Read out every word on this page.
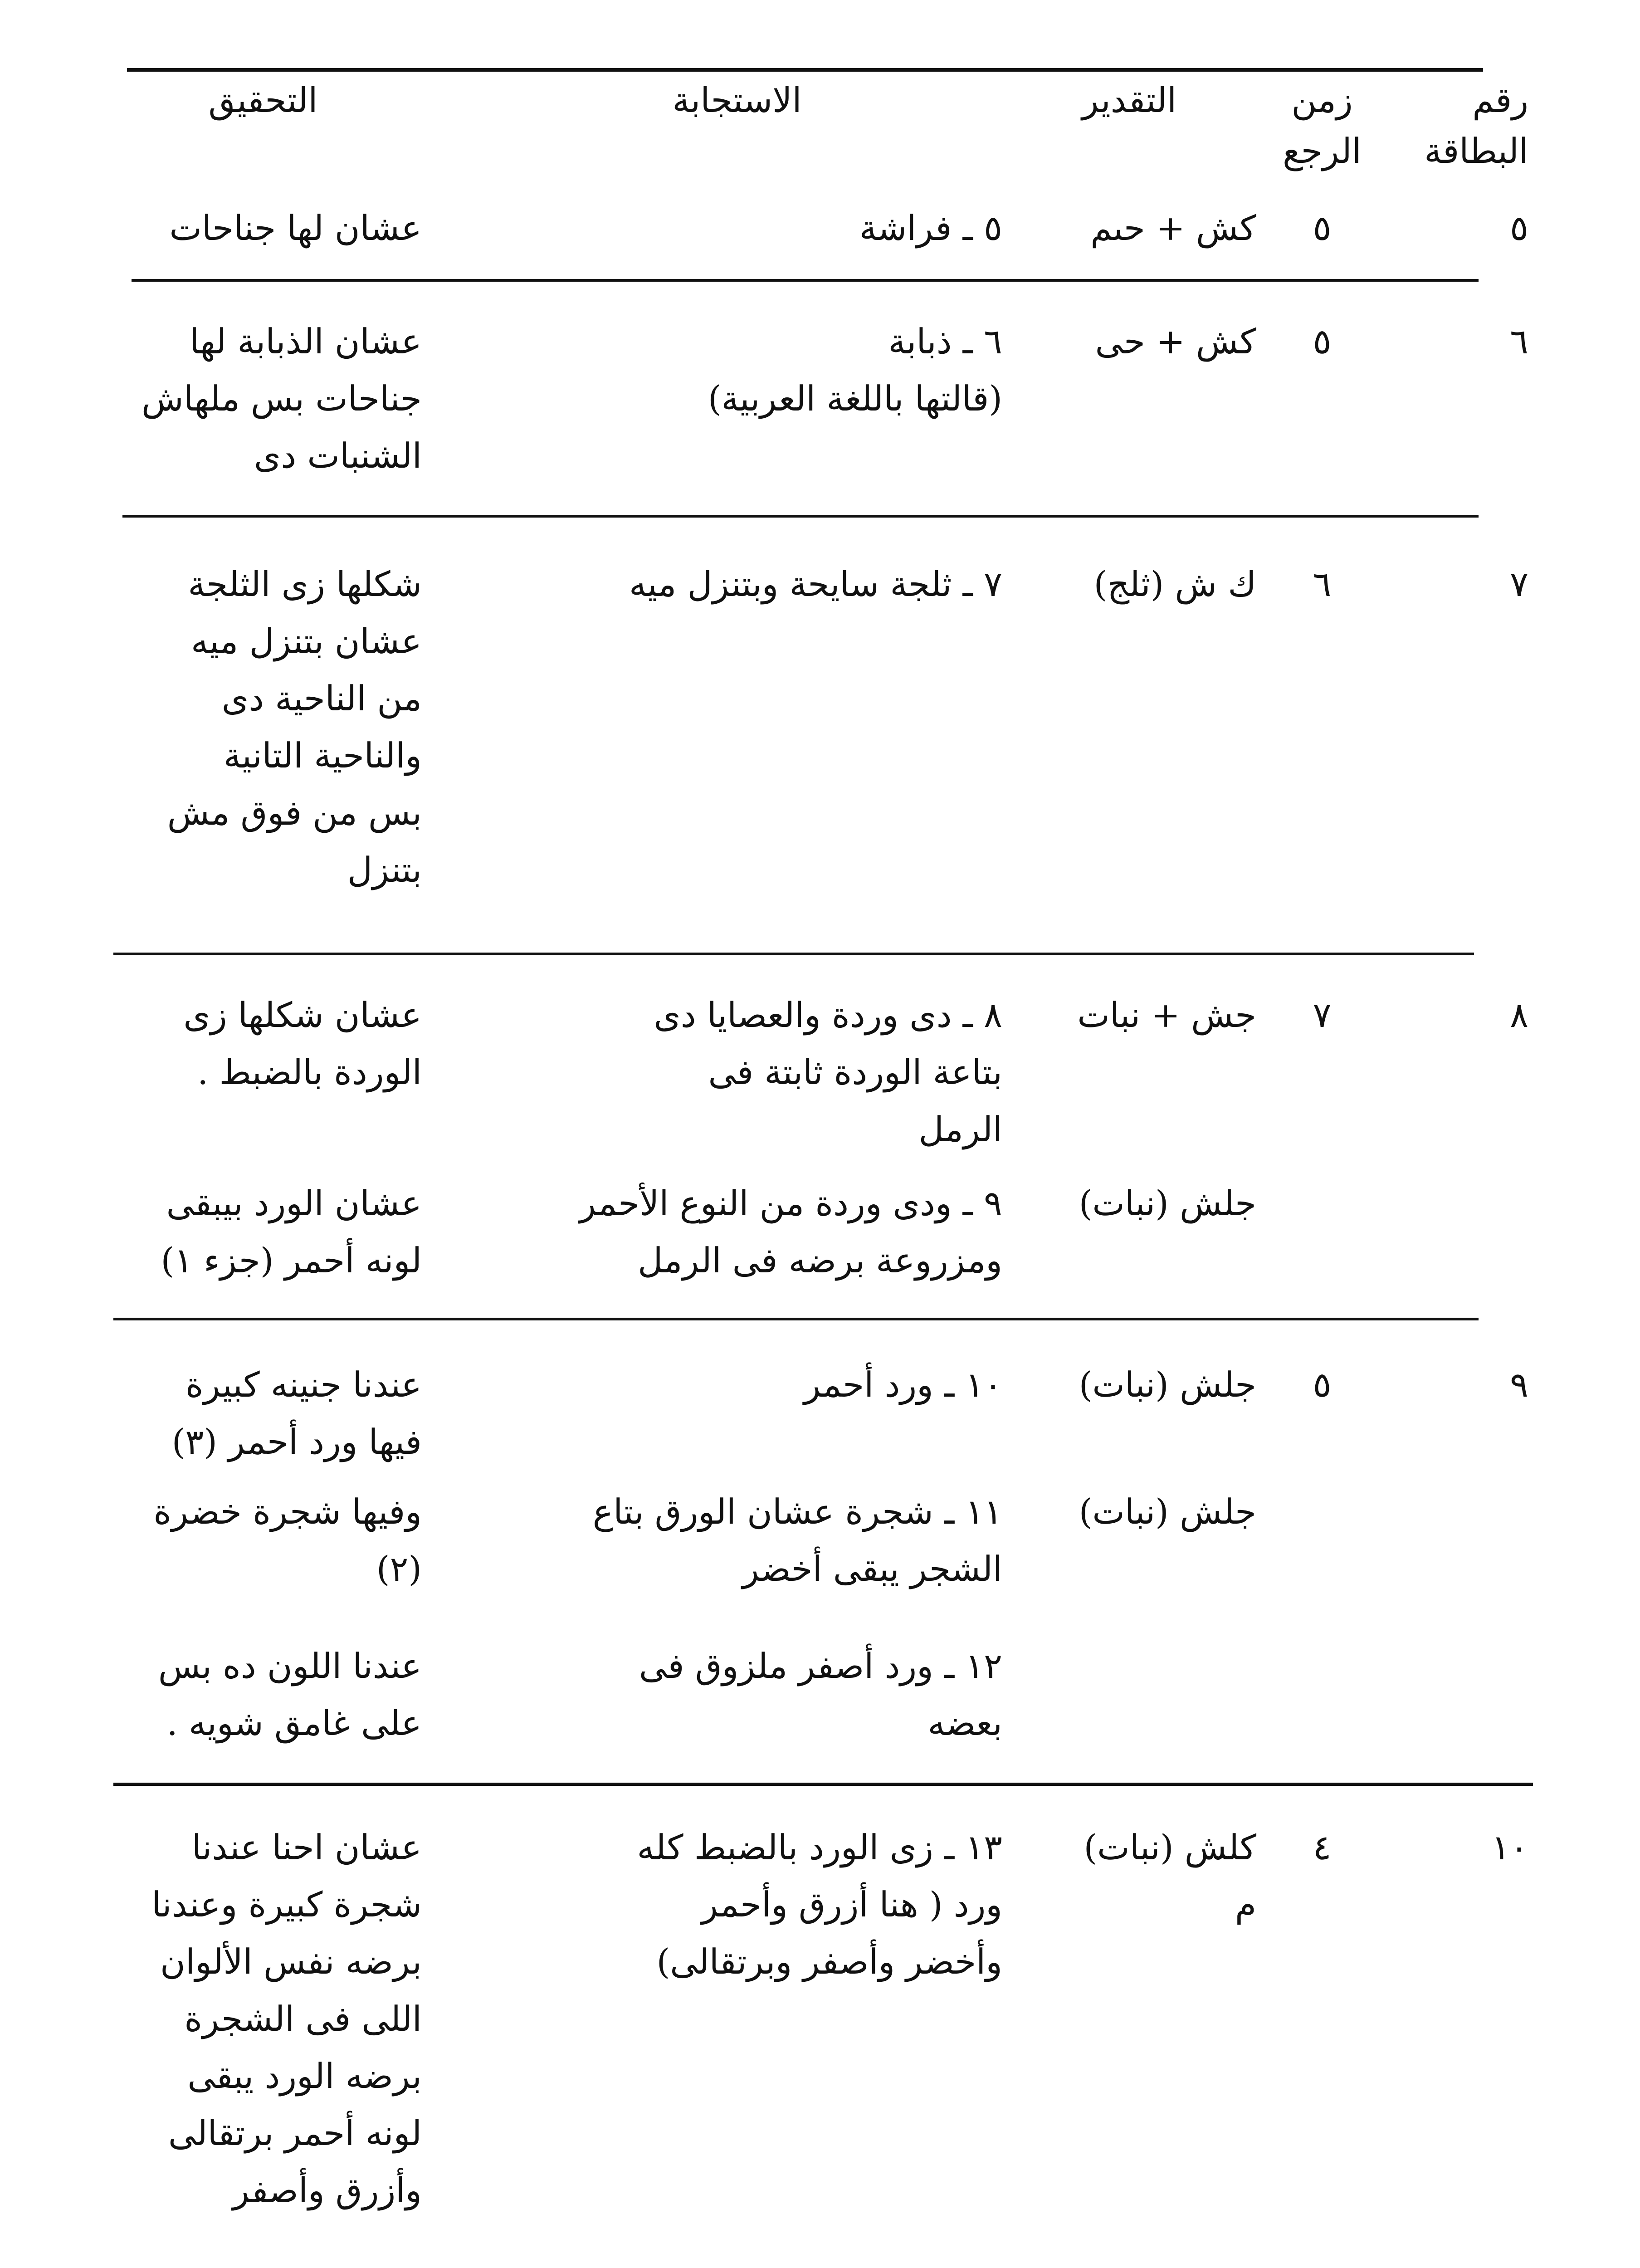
رقم
البطاقة
زمن
الرجع
التقدير
الاستجابة
التحقيق
٥
٥
كش + حىم
٥ ـ فراشة
عشان لها جناحات
٦
٥
كش + حى
٦ ـ ذبابة
(قالتها باللغة العربية)
عشان الذبابة لها
جناحات بس ملهاش
الشنبات دى
٧
٦
ك ش (ثلج)
٧ ـ ثلجة سايحة وبتنزل ميه
شكلها زى الثلجة
عشان بتنزل ميه
من الناحية دى
والناحية التانية
بس من فوق مش
بتنزل
٨
٧
جش + نبات
٨ ـ دى وردة والعصايا دى
بتاعة الوردة ثابتة فى
الرمل
عشان شكلها زى
الوردة بالضبط .
جلش (نبات)
٩ ـ ودى وردة من النوع الأحمر
ومزروعة برضه فى الرمل
عشان الورد بيبقى
لونه أحمر (جزء ١)
٩
٥
جلش (نبات)
١٠ ـ ورد أحمر
عندنا جنينه كبيرة
فيها ورد أحمر (٣)
جلش (نبات)
١١ ـ شجرة عشان الورق بتاع
الشجر يبقى أخضر
وفيها شجرة خضرة
(٢)
١٢ ـ ورد أصفر ملزوق فى
بعضه
عندنا اللون ده بس
على غامق شويه .
١٠
٤
كلش (نبات)
م
١٣ ـ زى الورد بالضبط كله
ورد ( هنا أزرق وأحمر
وأخضر وأصفر وبرتقالى)
عشان احنا عندنا
شجرة كبيرة وعندنا
برضه نفس الألوان
اللى فى الشجرة
برضه الورد يبقى
لونه أحمر برتقالى
وأزرق وأصفر
